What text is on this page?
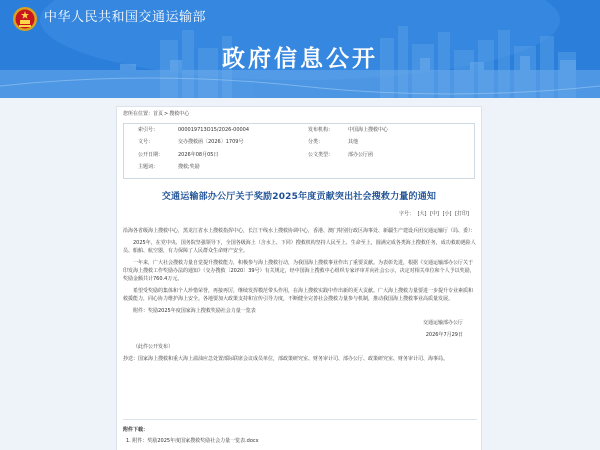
中华人民共和国交通运输部
政府信息公开
您所在位置：首页>搜救中心
索引号：	000019713O15/2026-00004	发布机构：	中国海上搜救中心
文号：	交办搜救函〔2026〕1709号	分类：	其他
公开日期：	2026年08月05日	公文类型：	部办公厅函
主题词：	搜救;奖励		
交通运输部办公厅关于奖励2025年度贡献突出社会搜救力量的通知
字号： [大] [中] [小] [打印]

沿海各省级海上搜救中心，黑龙江省水上搜救指挥中心，长江干线水上搜救协调中心，香港、澳门特别行政区海事处、新疆生产建设兵团交通运输厅（局、委）：

2025年，在党中央、国务院坚强领导下，全国各级海上（含水上、下同）搜救机构坚持人民至上、生命至上，圆满完成各类海上搜救任务，成功救助遇险人员、船舶、航空器，有力保障了人民群众生命财产安全。

一年来，广大社会搜救力量自觉提升搜救能力，积极参与海上搜救行动，为我国海上搜救事业作出了重要贡献。为表彰先进，根据《交通运输部办公厅关于印发海上搜救工作奖励办法的通知》（交办搜救〔2020〕39号）有关规定，经中国海上搜救中心组织专家评审并向社会公示，决定对相关单位和个人予以奖励，奖励金额共计760.4万元。

希望受奖励的集体和个人珍惜荣誉，再接再厉，继续发挥模范带头作用，在海上搜救实践中作出新的更大贡献。广大海上搜救力量要进一步提升专业素质和救援能力，同心协力维护海上安全。各地要加大政策支持和宣传引导力度，不断健全完善社会搜救力量参与机制，推动我国海上搜救事业高质量发展。

附件：奖励2025年度国家海上搜救奖励社会力量一览表

交通运输部办公厅

2026年7月29日

（此件公开发布）

抄送：国家海上搜救和重大海上溢油应急处置部际联席会议成员单位，部政策研究室、财务审计司、部办公厅、政策研究室、财务审计司、海事局。

附件下载：
1. 附件：奖励2025年度国家搜救奖励社会力量一览表.docx
